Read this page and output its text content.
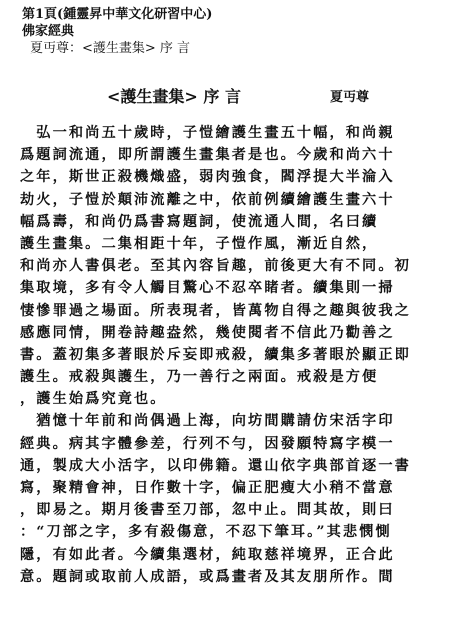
第1頁(鍾靈昇中華文化研習中心)
佛家經典
夏丏尊：<護生畫集> 序 言
<護生畫集> 序 言	夏丏尊
　弘一和尚五十歲時，子愷繪護生畫五十幅，和尚親
爲題詞流通，即所謂護生畫集者是也。今歲和尚六十
之年，斯世正殺機熾盛，弱肉強食，閻浮提大半淪入
劫火，子愷於顛沛流離之中，依前例續繪護生畫六十
幅爲壽，和尚仍爲書寫題詞，使流通人間，名曰續
護生畫集。二集相距十年，子愷作風，漸近自然，
和尚亦人書俱老。至其內容旨趣，前後更大有不同。初
集取境，多有令人觸目驚心不忍卒睹者。續集則一掃
悽慘罪過之場面。所表現者，皆萬物自得之趣與彼我之
感應同情，開卷詩趣盎然，幾使閱者不信此乃勸善之
書。蓋初集多著眼於斥妄即戒殺，續集多著眼於顯正即
護生。戒殺與護生，乃一善行之兩面。戒殺是方便
，護生始爲究竟也。
　猶憶十年前和尚偶過上海，向坊間購請仿宋活字印
經典。病其字體參差，行列不勻，因發願特寫字模一
通，製成大小活字，以印佛籍。還山依字典部首逐一書
寫，聚精會神，日作數十字，偏正肥瘦大小稍不當意
，即易之。期月後書至刀部，忽中止。問其故，則曰
：“刀部之字，多有殺傷意，不忍下筆耳。”其悲憫惻
隱，有如此者。今續集選材，純取慈祥境界，正合此
意。題詞或取前人成語，或爲畫者及其友朋所作。間
